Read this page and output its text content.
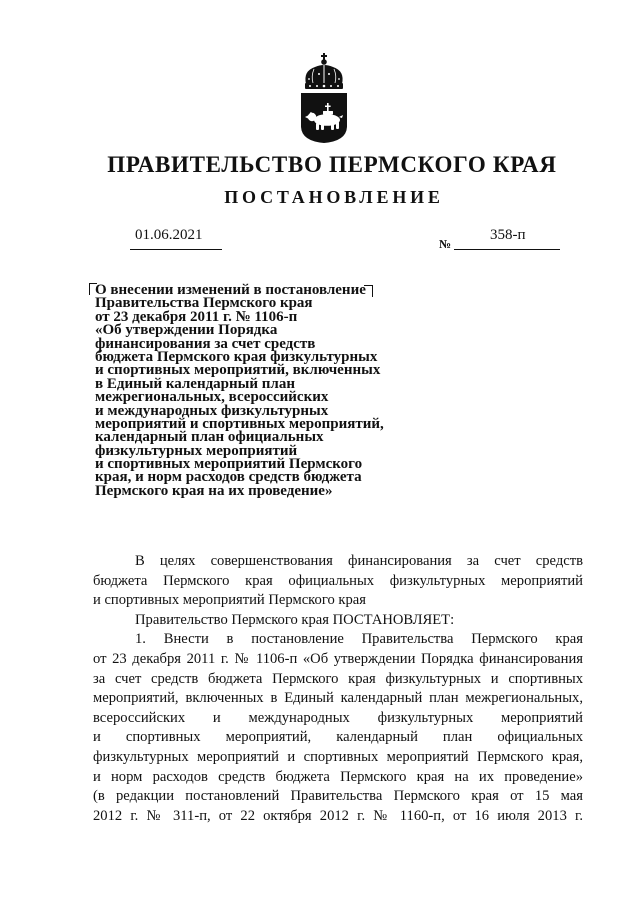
ПРАВИТЕЛЬСТВО ПЕРМСКОГО КРАЯ
ПОСТАНОВЛЕНИЕ
01.06.2021
№
358-п
О внесении изменений в постановление
Правительства Пермского края
от 23 декабря 2011 г. № 1106-п
«Об утверждении Порядка
финансирования за счет средств
бюджета Пермского края физкультурных
и спортивных мероприятий, включенных
в Единый календарный план
межрегиональных, всероссийских
и международных физкультурных
мероприятий и спортивных мероприятий,
календарный план официальных
физкультурных мероприятий
и спортивных мероприятий Пермского
края, и норм расходов средств бюджета
Пермского края на их проведение»
В целях совершенствования финансирования за счет средств
бюджета Пермского края официальных физкультурных мероприятий
и спортивных мероприятий Пермского края
Правительство Пермского края ПОСТАНОВЛЯЕТ:
1. Внести в постановление Правительства Пермского края
от 23 декабря 2011 г. № 1106-п «Об утверждении Порядка финансирования
за счет средств бюджета Пермского края физкультурных и спортивных
мероприятий, включенных в Единый календарный план межрегиональных,
всероссийских и международных физкультурных мероприятий
и спортивных мероприятий, календарный план официальных
физкультурных мероприятий и спортивных мероприятий Пермского края,
и норм расходов средств бюджета Пермского края на их проведение»
(в редакции постановлений Правительства Пермского края от 15 мая
2012 г. № 311-п, от 22 октября 2012 г. № 1160-п, от 16 июля 2013 г.
